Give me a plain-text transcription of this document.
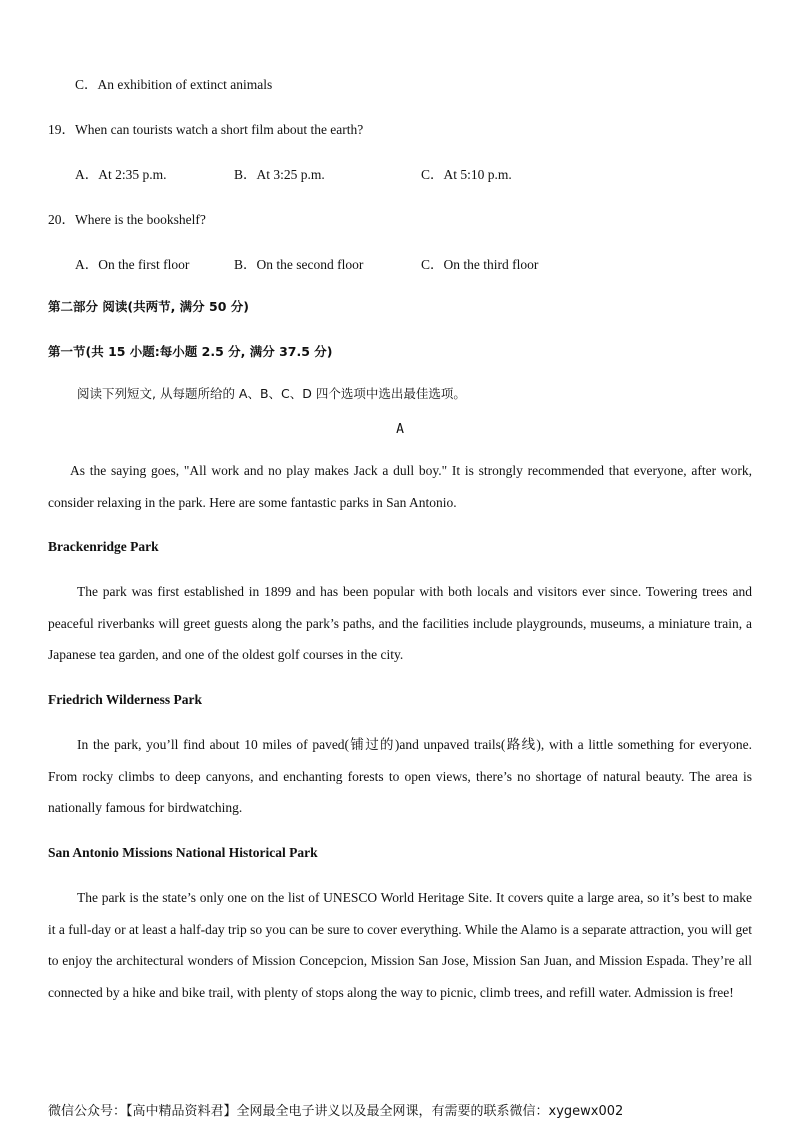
C．An exhibition of extinct animals
19．When can tourists watch a short film about the earth?
A．At 2:35 p.m.	B．At 3:25 p.m.	C．At 5:10 p.m.
20．Where is the bookshelf?
A．On the first floor	B．On the second floor	C．On the third floor
第二部分 阅读(共两节, 满分 50 分)
第一节(共 15 小题:每小题 2.5 分, 满分 37.5 分)
阅读下列短文, 从每题所给的 A、B、C、D 四个选项中选出最佳选项。
A
As the saying goes, "All work and no play makes Jack a dull boy." It is strongly recommended that everyone, after work, consider relaxing in the park. Here are some fantastic parks in San Antonio.
Brackenridge Park
The park was first established in 1899 and has been popular with both locals and visitors ever since. Towering trees and peaceful riverbanks will greet guests along the park’s paths, and the facilities include playgrounds, museums, a miniature train, a Japanese tea garden, and one of the oldest golf courses in the city.
Friedrich Wilderness Park
In the park, you’ll find about 10 miles of paved(铺过的)and unpaved trails(路线), with a little something for everyone. From rocky climbs to deep canyons, and enchanting forests to open views, there’s no shortage of natural beauty. The area is nationally famous for birdwatching.
San Antonio Missions National Historical Park
The park is the state’s only one on the list of UNESCO World Heritage Site. It covers quite a large area, so it’s best to make it a full-day or at least a half-day trip so you can be sure to cover everything. While the Alamo is a separate attraction, you will get to enjoy the architectural wonders of Mission Concepcion, Mission San Jose, Mission San Juan, and Mission Espada. They’re all connected by a hike and bike trail, with plenty of stops along the way to picnic, climb trees, and refill water. Admission is free!
微信公众号：【高中精品资料君】全网最全电子讲义以及最全网课，有需要的联系微信：xygewx002
